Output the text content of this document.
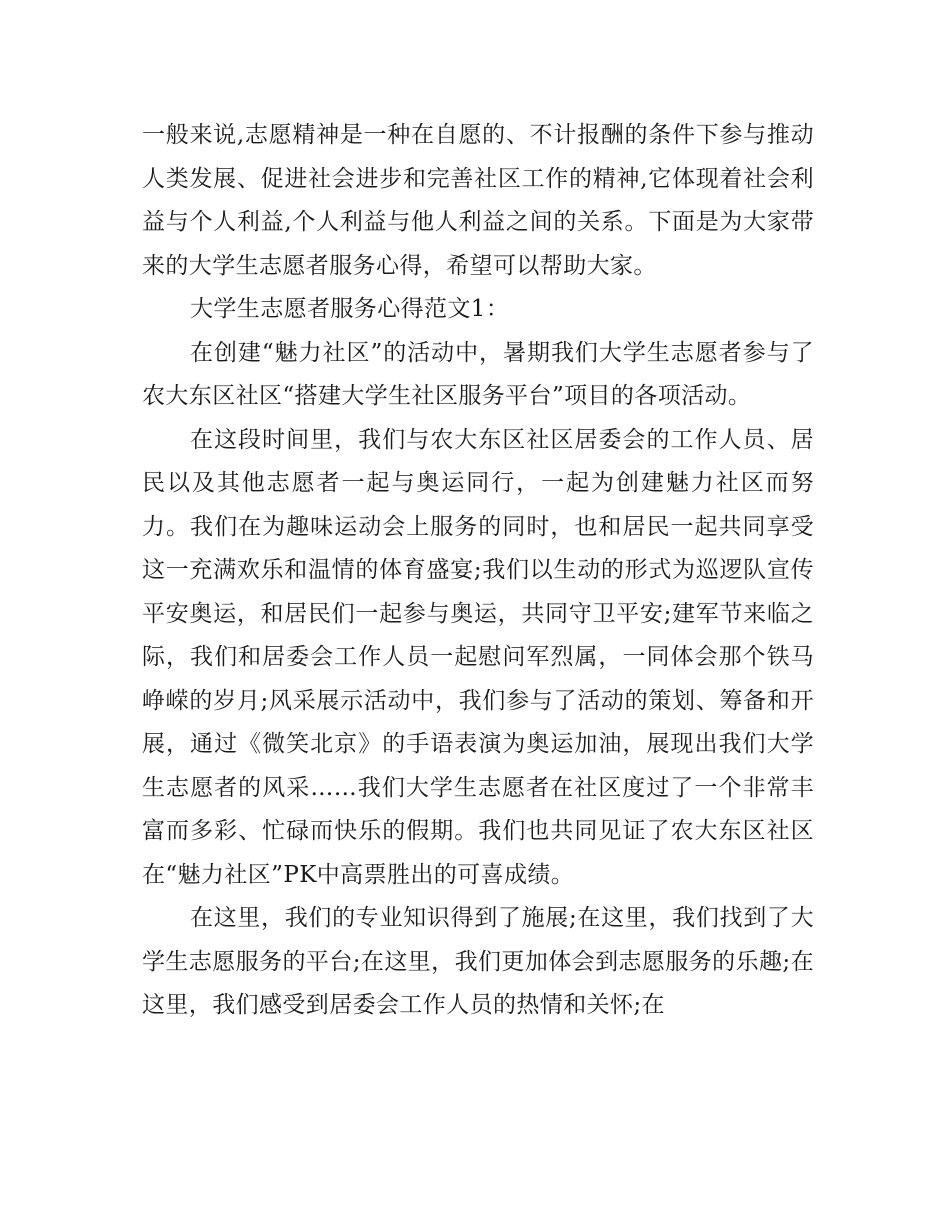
一般来说,志愿精神是一种在自愿的、不计报酬的条件下参与推动人类发展、促进社会进步和完善社区工作的精神,它体现着社会利益与个人利益,个人利益与他人利益之间的关系。下面是为大家带来的大学生志愿者服务心得，希望可以帮助大家。

大学生志愿者服务心得范文1：

在创建“魅力社区”的活动中，暑期我们大学生志愿者参与了农大东区社区“搭建大学生社区服务平台”项目的各项活动。

在这段时间里，我们与农大东区社区居委会的工作人员、居民以及其他志愿者一起与奥运同行，一起为创建魅力社区而努力。我们在为趣味运动会上服务的同时，也和居民一起共同享受这一充满欢乐和温情的体育盛宴;我们以生动的形式为巡逻队宣传平安奥运，和居民们一起参与奥运，共同守卫平安;建军节来临之际，我们和居委会工作人员一起慰问军烈属，一同体会那个铁马峥嵘的岁月;风采展示活动中，我们参与了活动的策划、筹备和开展，通过《微笑北京》的手语表演为奥运加油，展现出我们大学生志愿者的风采……我们大学生志愿者在社区度过了一个非常丰富而多彩、忙碌而快乐的假期。我们也共同见证了农大东区社区在“魅力社区”PK中高票胜出的可喜成绩。

在这里，我们的专业知识得到了施展;在这里，我们找到了大学生志愿服务的平台;在这里，我们更加体会到志愿服务的乐趣;在这里，我们感受到居委会工作人员的热情和关怀;在
